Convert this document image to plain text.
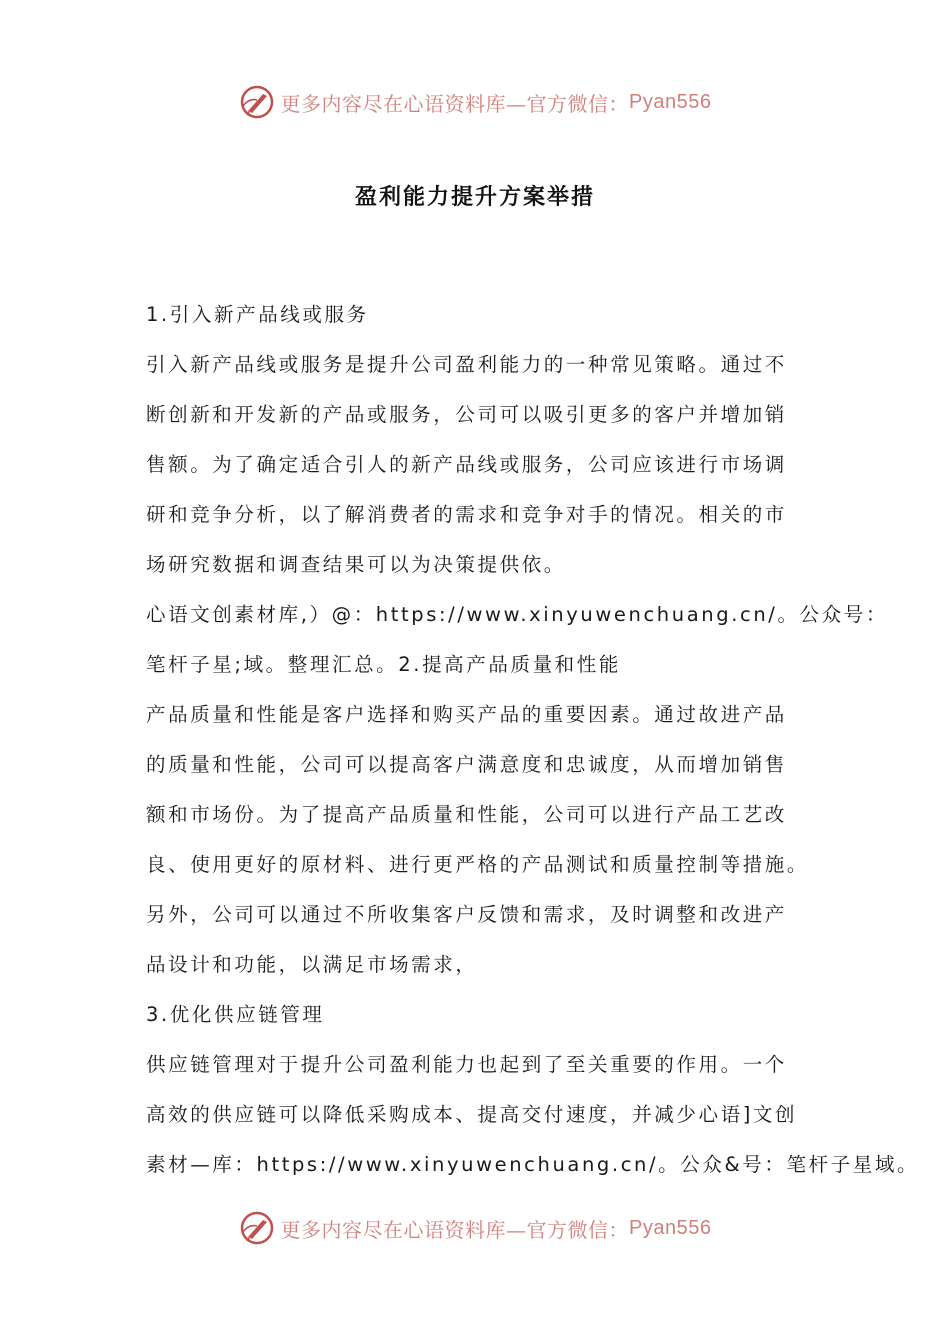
更多内容尽在心语资料库—官方微信： Pyan556
盈利能力提升方案举措
1.引入新产品线或服务
引入新产品线或服务是提升公司盈利能力的一种常见策略。通过不
断创新和开发新的产品或服务，公司可以吸引更多的客户并增加销
售额。为了确定适合引人的新产品线或服务，公司应该进行市场调
研和竞争分析，以了解消费者的需求和竞争对手的情况。相关的市
场研究数据和调查结果可以为决策提供依。
心语文创素材库,）@：https://www.xinyuwenchuang.cn/。公众号：
笔杆子星;域。整理汇总。2.提高产品质量和性能
产品质量和性能是客户选择和购买产品的重要因素。通过故进产品
的质量和性能，公司可以提高客户满意度和忠诚度，从而增加销售
额和市场份。为了提高产品质量和性能，公司可以进行产品工艺改
良、使用更好的原材料、进行更严格的产品测试和质量控制等措施。
另外，公司可以通过不所收集客户反馈和需求，及时调整和改进产
品设计和功能，以满足市场需求，
3.优化供应链管理
供应链管理对于提升公司盈利能力也起到了至关重要的作用。一个
高效的供应链可以降低采购成本、提高交付速度，并减少心语]文创
素材—库：https://www.xinyuwenchuang.cn/。公众&号：笔杆子星域。
更多内容尽在心语资料库—官方微信： Pyan556
